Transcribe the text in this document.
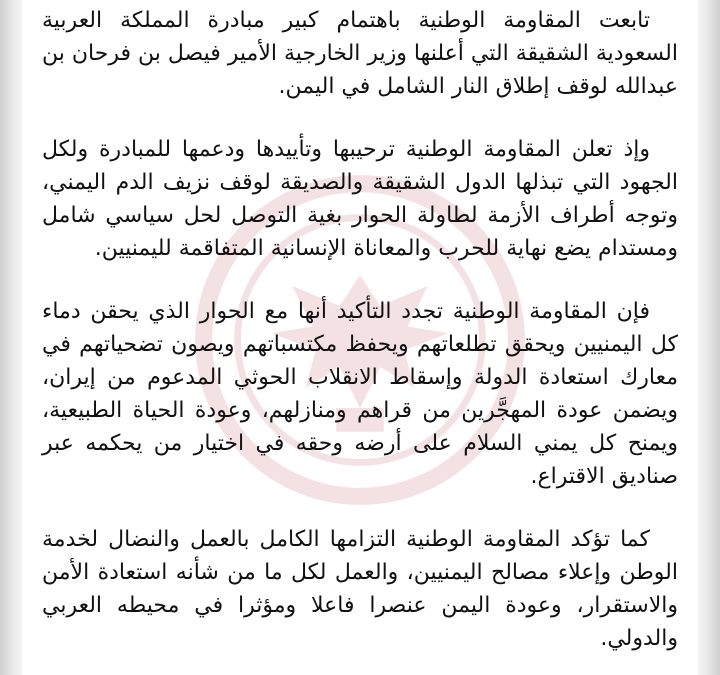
تابعت المقاومة الوطنية باهتمام كبير مبادرة المملكة العربية السعودية الشقيقة التي أعلنها وزير الخارجية الأمير فيصل بن فرحان بن عبدالله لوقف إطلاق النار الشامل في اليمن.

وإذ تعلن المقاومة الوطنية ترحيبها وتأييدها ودعمها للمبادرة ولكل الجهود التي تبذلها الدول الشقيقة والصديقة لوقف نزيف الدم اليمني، وتوجه أطراف الأزمة لطاولة الحوار بغية التوصل لحل سياسي شامل ومستدام يضع نهاية للحرب والمعاناة الإنسانية المتفاقمة لليمنيين.

فإن المقاومة الوطنية تجدد التأكيد أنها مع الحوار الذي يحقن دماء كل اليمنيين ويحقق تطلعاتهم ويحفظ مكتسباتهم ويصون تضحياتهم في معارك استعادة الدولة وإسقاط الانقلاب الحوثي المدعوم من إيران، ويضمن عودة المهجَّرين من قراهم ومنازلهم، وعودة الحياة الطبيعية، ويمنح كل يمني السلام على أرضه وحقه في اختيار من يحكمه عبر صناديق الاقتراع.

كما تؤكد المقاومة الوطنية التزامها الكامل بالعمل والنضال لخدمة الوطن وإعلاء مصالح اليمنيين، والعمل لكل ما من شأنه استعادة الأمن والاستقرار، وعودة اليمن عنصرا فاعلا ومؤثرا في محيطه العربي والدولي.
